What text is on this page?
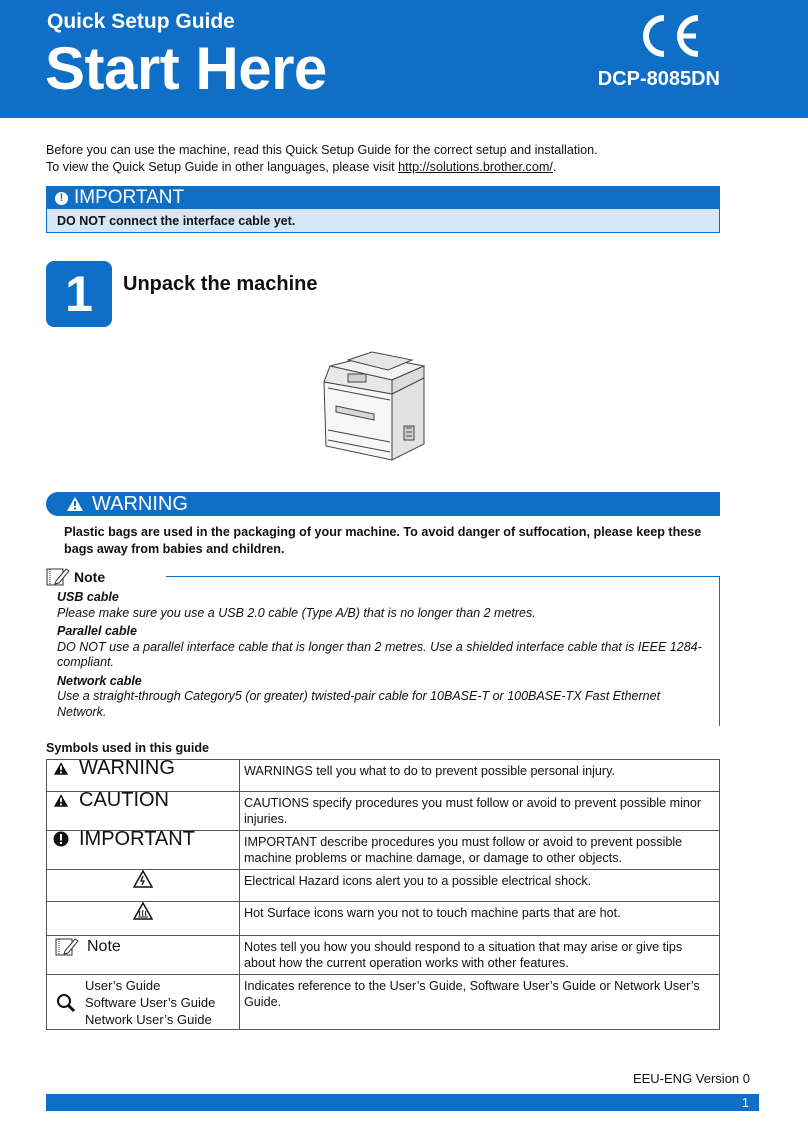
Quick Setup Guide
Start Here	DCP-8085DN
Before you can use the machine, read this Quick Setup Guide for the correct setup and installation.
To view the Quick Setup Guide in other languages, please visit http://solutions.brother.com/.
! IMPORTANT
DO NOT connect the interface cable yet.
1	Unpack the machine
WARNING
Plastic bags are used in the packaging of your machine. To avoid danger of suffocation, please keep these bags away from babies and children.
Note
USB cable
Please make sure you use a USB 2.0 cable (Type A/B) that is no longer than 2 metres.
Parallel cable
DO NOT use a parallel interface cable that is longer than 2 metres. Use a shielded interface cable that is IEEE 1284-compliant.
Network cable
Use a straight-through Category5 (or greater) twisted-pair cable for 10BASE-T or 100BASE-TX Fast Ethernet Network.
Symbols used in this guide
WARNING	WARNINGS tell you what to do to prevent possible personal injury.

CAUTION	CAUTIONS specify procedures you must follow or avoid to prevent possible minor injuries.

IMPORTANT	IMPORTANT describe procedures you must follow or avoid to prevent possible machine problems or machine damage, or damage to other objects.

	Electrical Hazard icons alert you to a possible electrical shock.

	Hot Surface icons warn you not to touch machine parts that are hot.

Note	Notes tell you how you should respond to a situation that may arise or give tips about how the current operation works with other features.

User’s Guide
Software User’s Guide
Network User’s Guide	Indicates reference to the User’s Guide, Software User’s Guide or Network User’s Guide.
EEU-ENG Version 0
1
